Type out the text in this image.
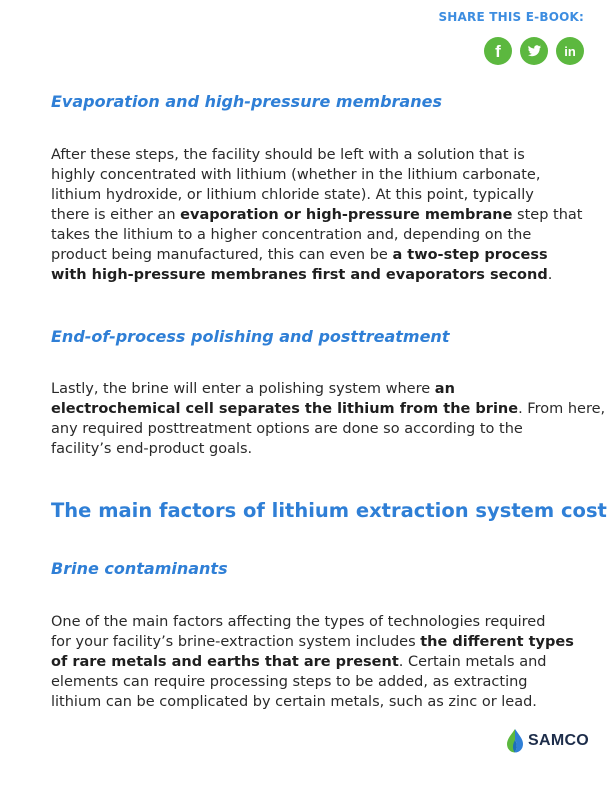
SHARE THIS E-BOOK:
f	in
Evaporation and high-pressure membranes
After these steps, the facility should be left with a solution that is
highly concentrated with lithium (whether in the lithium carbonate,
lithium hydroxide, or lithium chloride state). At this point, typically
there is either an evaporation or high-pressure membrane step that
takes the lithium to a higher concentration and, depending on the
product being manufactured, this can even be a two-step process
with high-pressure membranes first and evaporators second.
End-of-process polishing and posttreatment
Lastly, the brine will enter a polishing system where an
electrochemical cell separates the lithium from the brine. From here,
any required posttreatment options are done so according to the
facility’s end-product goals.
The main factors of lithium extraction system cost
Brine contaminants
One of the main factors affecting the types of technologies required
for your facility’s brine-extraction system includes the different types
of rare metals and earths that are present. Certain metals and
elements can require processing steps to be added, as extracting
lithium can be complicated by certain metals, such as zinc or lead.
SAMCO
